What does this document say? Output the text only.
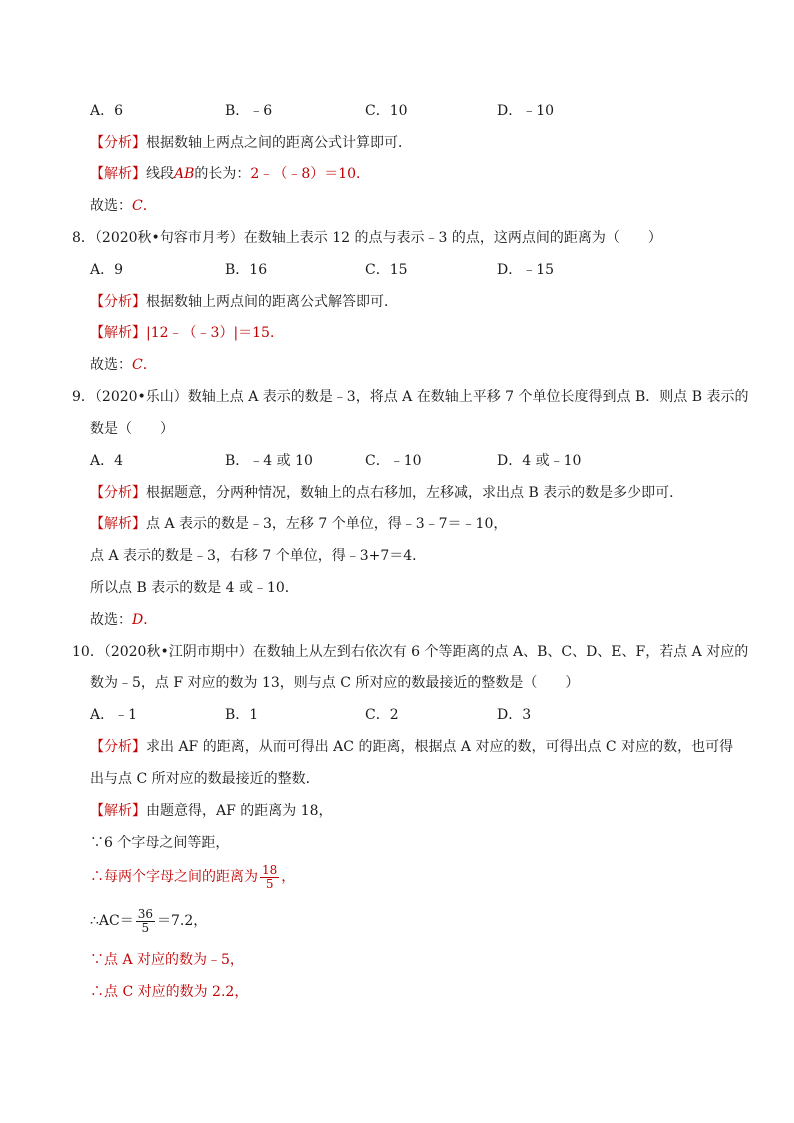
A．6	B．﹣6	C．10	D．﹣10
【分析】根据数轴上两点之间的距离公式计算即可．
【解析】线段AB的长为：2﹣（﹣8）＝10．
故选：C．
8．（2020秋•句容市月考）在数轴上表示 12 的点与表示﹣3 的点，这两点间的距离为（　　）
A．9	B．16	C．15	D．﹣15
【分析】根据数轴上两点间的距离公式解答即可．
【解析】|12﹣（﹣3）|＝15．
故选：C．
9．（2020•乐山）数轴上点 A 表示的数是﹣3，将点 A 在数轴上平移 7 个单位长度得到点 B．则点 B 表示的
数是（　　）
A．4	B．﹣4 或 10	C．﹣10	D．4 或﹣10
【分析】根据题意，分两种情况，数轴上的点右移加，左移减，求出点 B 表示的数是多少即可．
【解析】点 A 表示的数是﹣3，左移 7 个单位，得﹣3﹣7＝﹣10，
点 A 表示的数是﹣3，右移 7 个单位，得﹣3+7＝4．
所以点 B 表示的数是 4 或﹣10．
故选：D．
10．（2020秋•江阴市期中）在数轴上从左到右依次有 6 个等距离的点 A、B、C、D、E、F，若点 A 对应的
数为﹣5，点 F 对应的数为 13，则与点 C 所对应的数最接近的整数是（　　）
A．﹣1	B．1	C．2	D．3
【分析】求出 AF 的距离，从而可得出 AC 的距离，根据点 A 对应的数，可得出点 C 对应的数，也可得
出与点 C 所对应的数最接近的整数．
【解析】由题意得，AF 的距离为 18，
∵6 个字母之间等距，
∴每两个字母之间的距离为 $\frac{18}{5}$ ，
∴AC＝ $\frac{36}{5} =7.2$，
∵点 A 对应的数为﹣5，
∴点 C 对应的数为 2.2，
